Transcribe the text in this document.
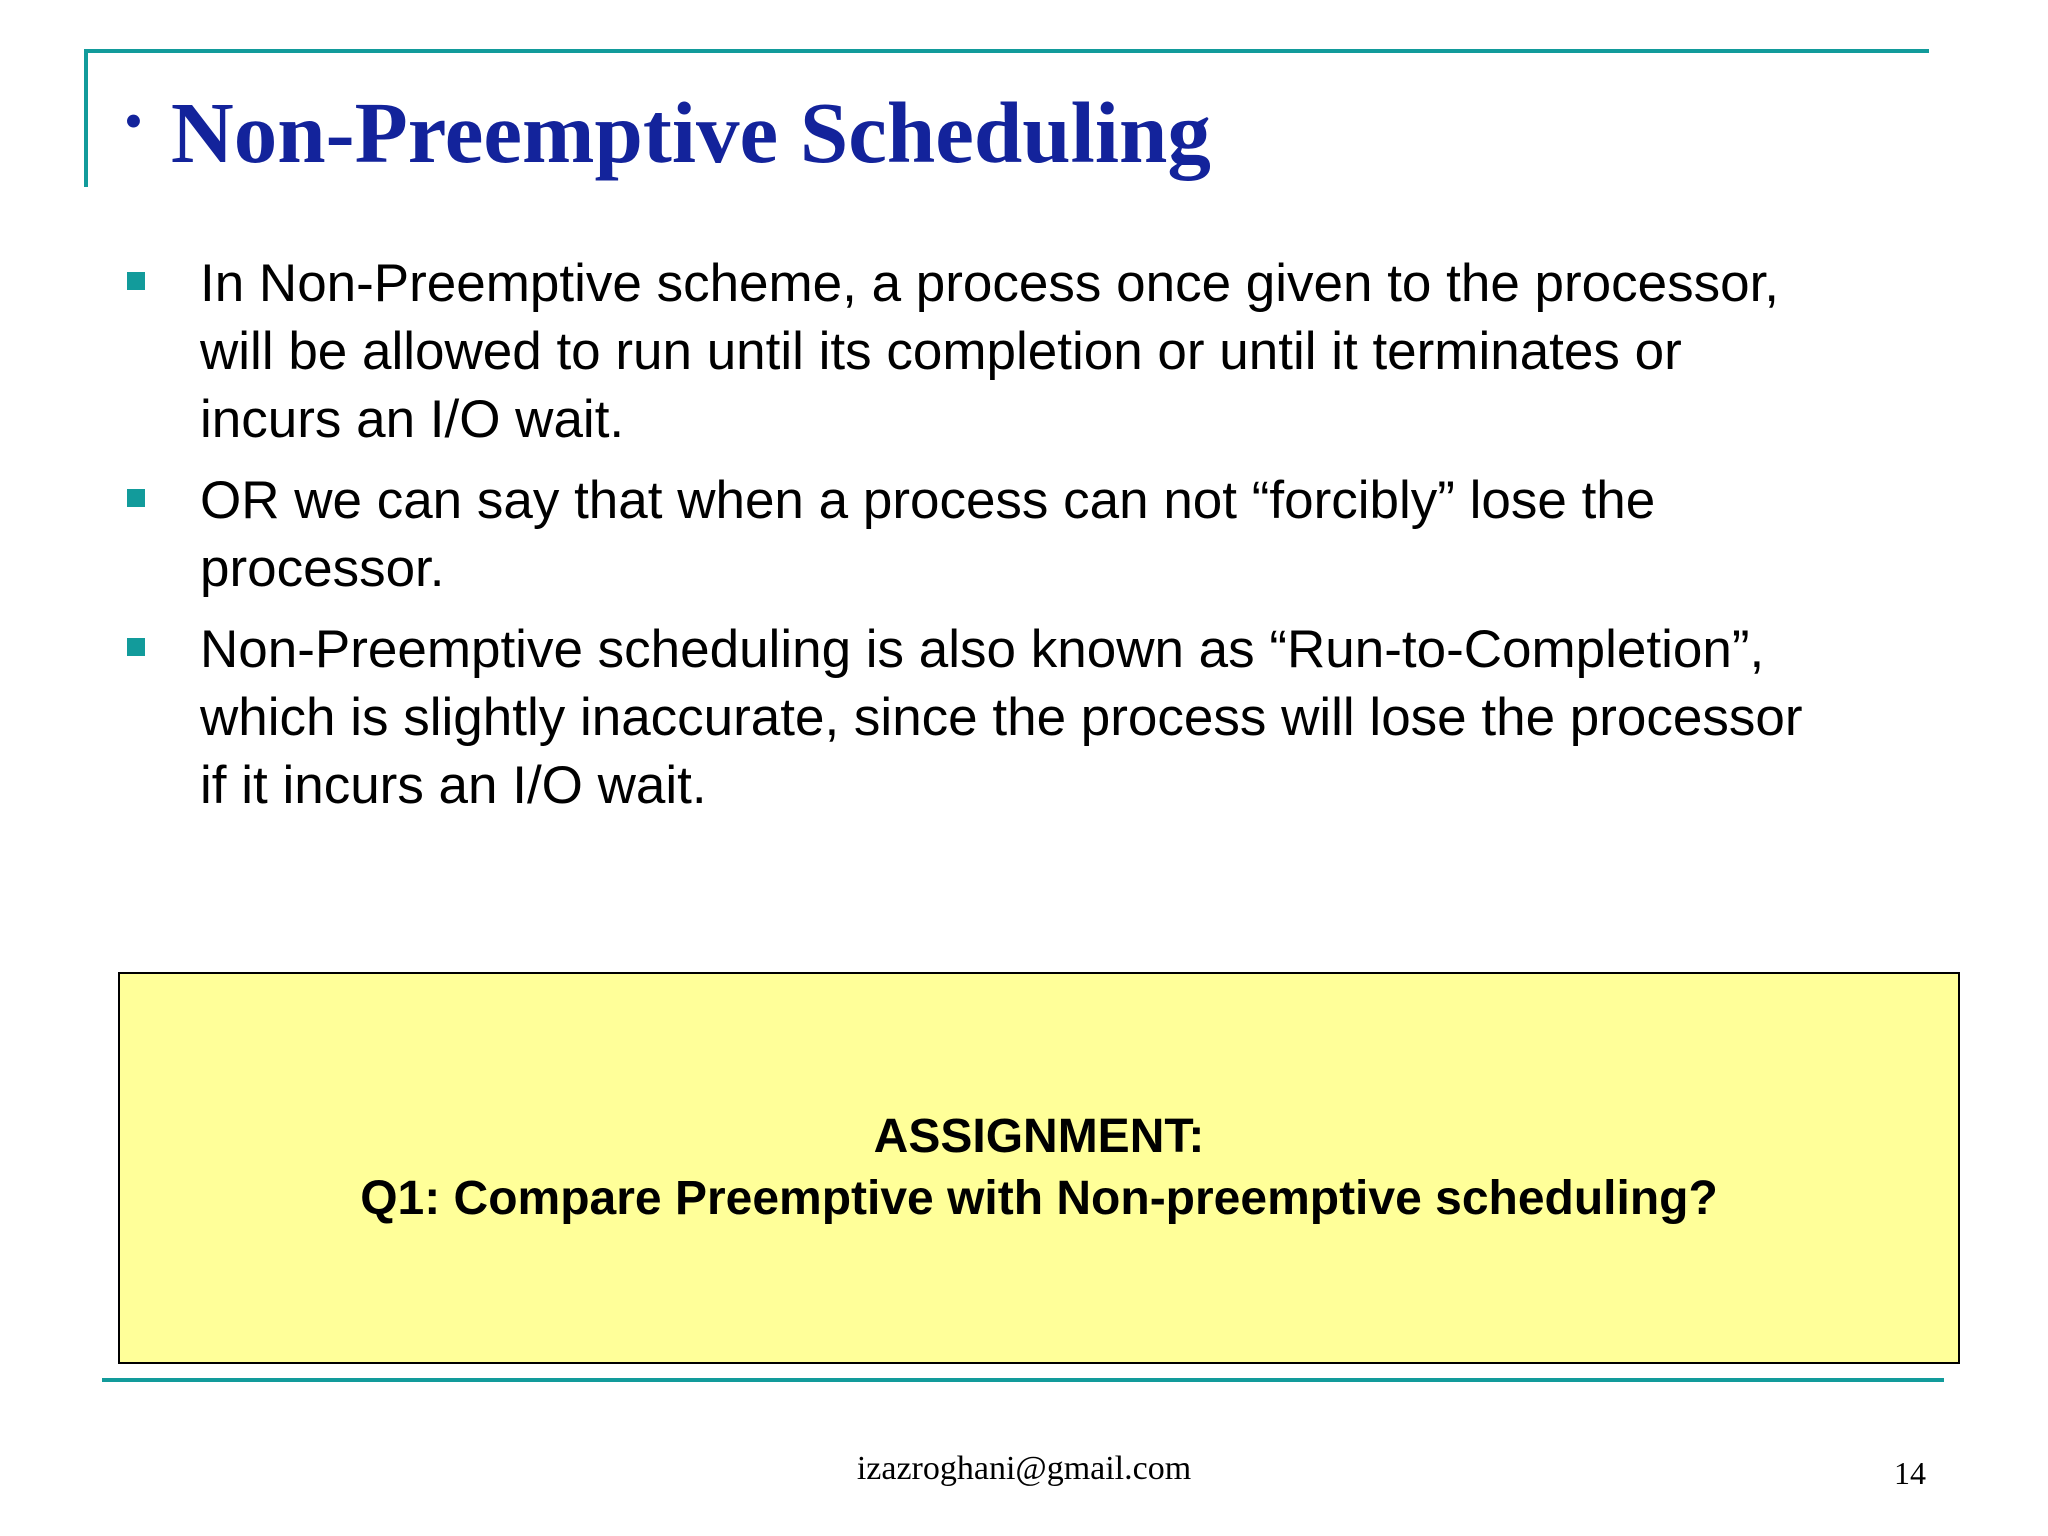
• Non-Preemptive Scheduling
In Non-Preemptive scheme, a process once given to the processor,
will be allowed to run until its completion or until it terminates or
incurs an I/O wait.
OR we can say that when a process can not “forcibly” lose the
processor.
Non-Preemptive scheduling is also known as “Run-to-Completion”,
which is slightly inaccurate, since the process will lose the processor
if it incurs an I/O wait.
ASSIGNMENT:
Q1: Compare Preemptive with Non-preemptive scheduling?
izazroghani@gmail.com	14
